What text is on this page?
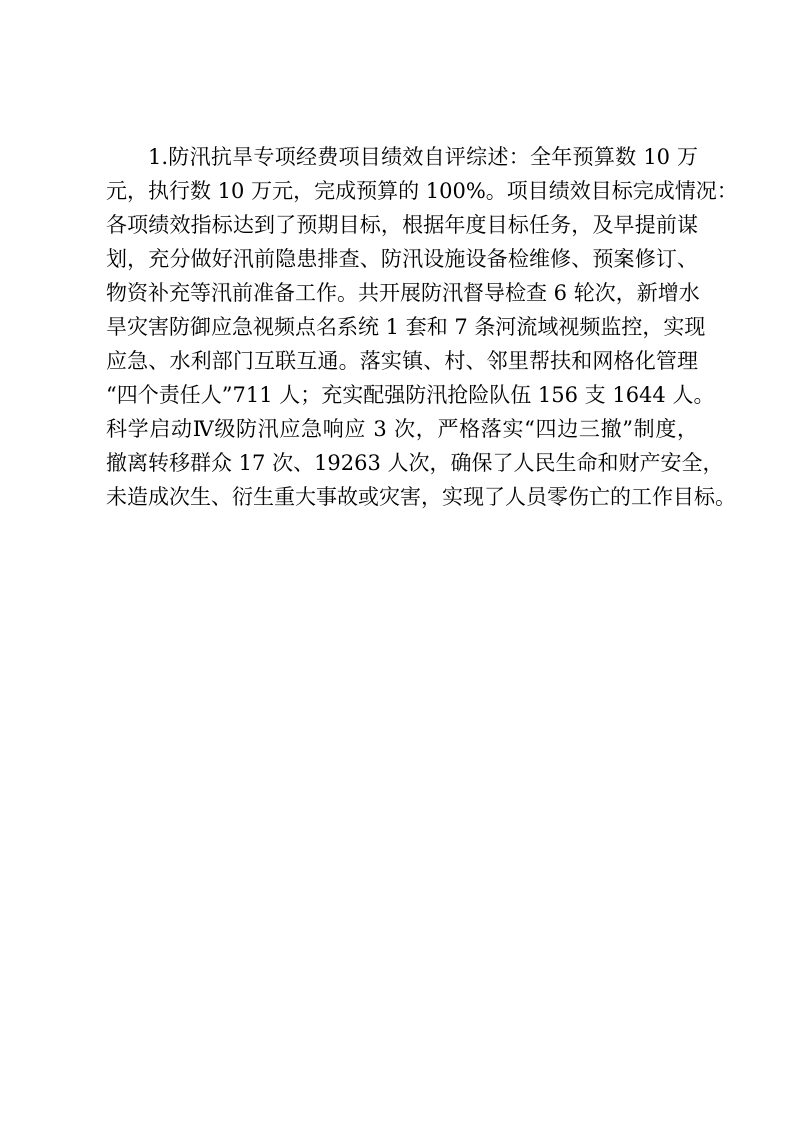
1.防汛抗旱专项经费项目绩效自评综述：全年预算数 10 万
元，执行数 10 万元，完成预算的 100%。项目绩效目标完成情况：
各项绩效指标达到了预期目标，根据年度目标任务，及早提前谋
划，充分做好汛前隐患排查、防汛设施设备检维修、预案修订、
物资补充等汛前准备工作。共开展防汛督导检查 6 轮次，新增水
旱灾害防御应急视频点名系统 1 套和 7 条河流域视频监控，实现
应急、水利部门互联互通。落实镇、村、邻里帮扶和网格化管理
“四个责任人”711 人；充实配强防汛抢险队伍 156 支 1644 人。
科学启动Ⅳ级防汛应急响应 3 次，严格落实“四边三撤”制度，
撤离转移群众 17 次、19263 人次，确保了人民生命和财产安全，
未造成次生、衍生重大事故或灾害，实现了人员零伤亡的工作目标。
